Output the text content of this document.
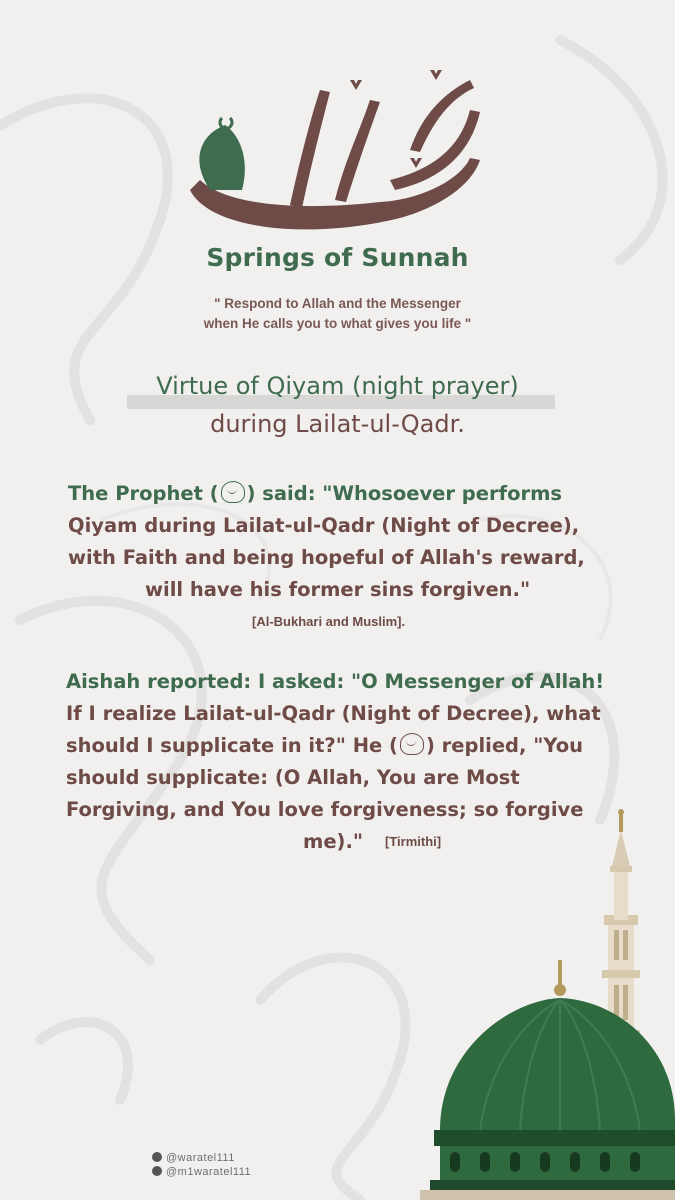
Springs of Sunnah
" Respond to Allah and the Messenger
when He calls you to what gives you life "
Virtue of Qiyam (night prayer)
during Lailat-ul-Qadr.
The Prophet ( ) said: "Whosoever performs
Qiyam during Lailat-ul-Qadr (Night of Decree),
with Faith and being hopeful of Allah's reward,
will have his former sins forgiven."
[Al-Bukhari and Muslim].
Aishah reported: I asked: "O Messenger of Allah!
If I realize Lailat-ul-Qadr (Night of Decree), what
should I supplicate in it?" He ( ) replied, "You
should supplicate: (O Allah, You are Most
Forgiving, and You love forgiveness; so forgive
me)." [Tirmithi]
@waratel111
@m1waratel111
